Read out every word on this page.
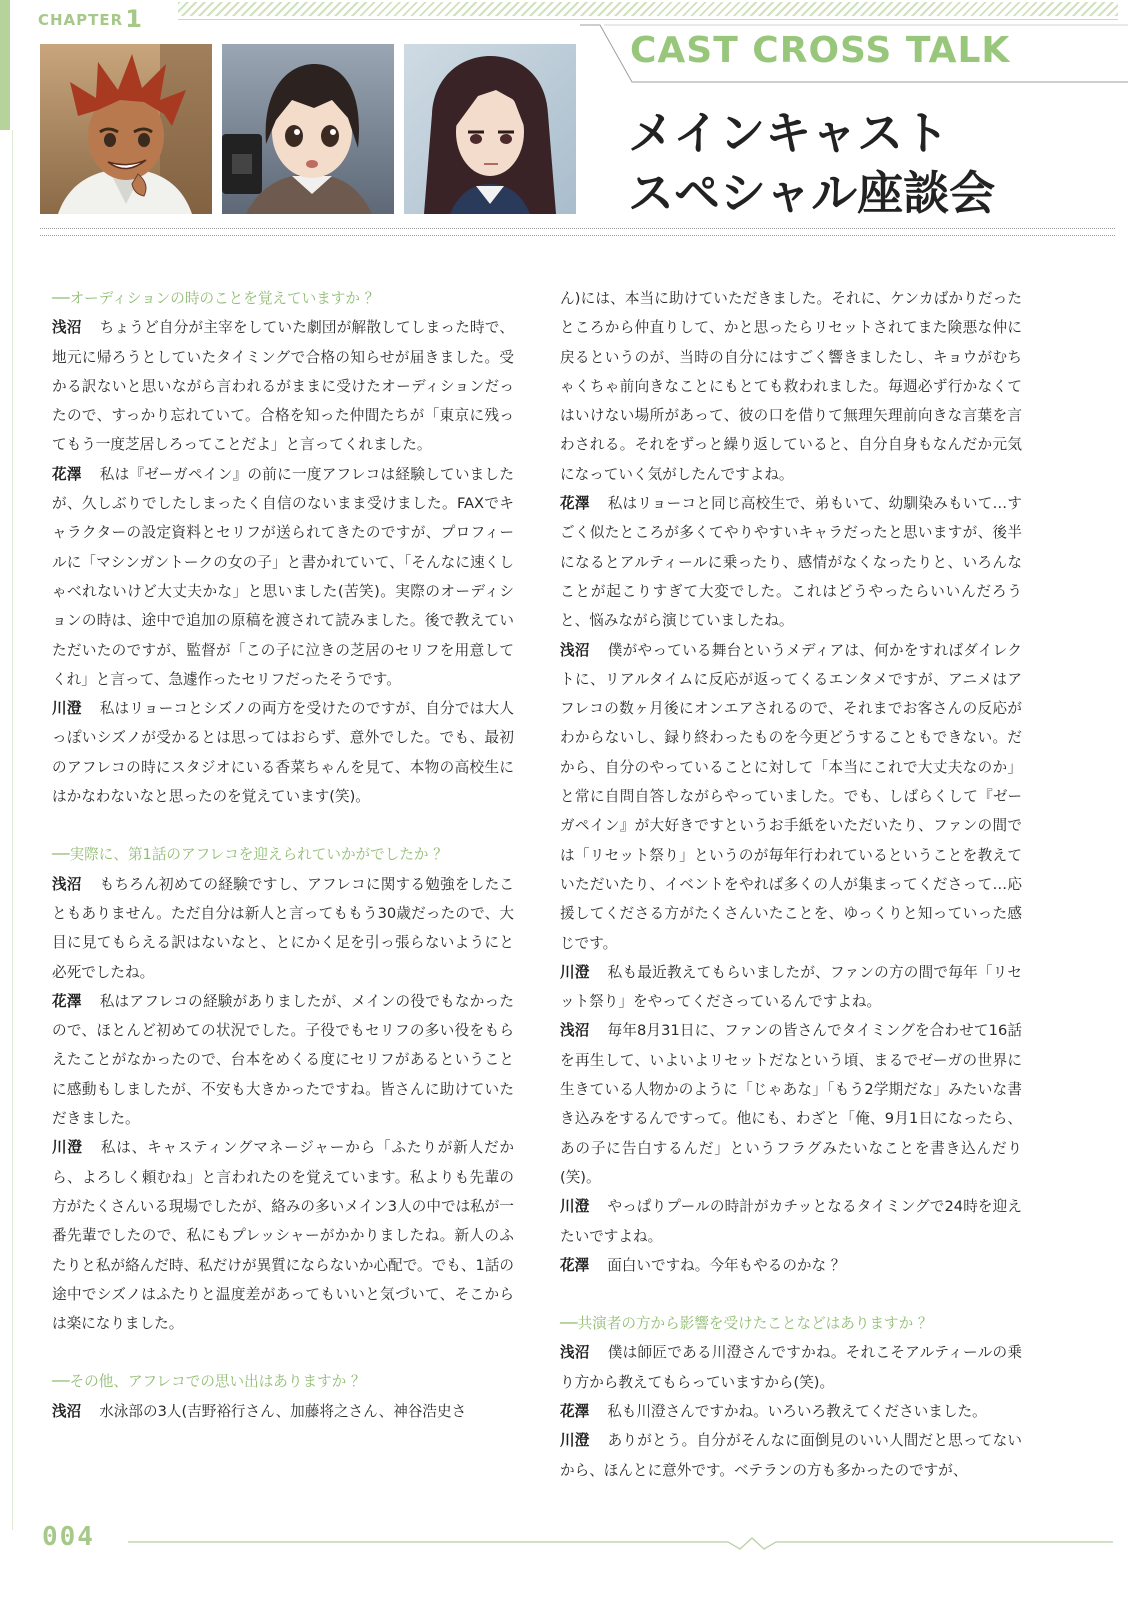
CHAPTER1
CAST CROSS TALK
メインキャスト
スペシャル座談会

──オーディションの時のことを覚えていますか ？

浅沼 ちょうど自分が主宰をしていた劇団が解散してしまった時で、地元に帰ろうとしていたタイミングで合格の知らせが届きました。受かる訳ないと思いながら言われるがままに受けたオーディションだったので、すっかり忘れていて。合格を知った仲間たちが「東京に残ってもう一度芝居しろってことだよ」と言ってくれました。

花澤 私は『ゼーガペイン』の前に一度アフレコは経験していましたが、久しぶりでしたしまったく自信のないまま受けました。FAXでキャラクターの設定資料とセリフが送られてきたのですが、プロフィールに「マシンガントークの女の子」と書かれていて、「そんなに速くしゃべれないけど大丈夫かな」と思いました(苦笑)。実際のオーディションの時は、途中で追加の原稿を渡されて読みました。後で教えていただいたのですが、監督が「この子に泣きの芝居のセリフを用意してくれ」と言って、急遽作ったセリフだったそうです。

川澄 私はリョーコとシズノの両方を受けたのですが、自分では大人っぽいシズノが受かるとは思ってはおらず、意外でした。でも、最初のアフレコの時にスタジオにいる香菜ちゃんを見て、本物の高校生にはかなわないなと思ったのを覚えています(笑)。

──実際に、第1話のアフレコを迎えられていかがでしたか ？

浅沼 もちろん初めての経験ですし、アフレコに関する勉強をしたこともありません。ただ自分は新人と言ってももう30歳だったので、大目に見てもらえる訳はないなと、とにかく足を引っ張らないようにと必死でしたね。

花澤 私はアフレコの経験がありましたが、メインの役でもなかったので、ほとんど初めての状況でした。子役でもセリフの多い役をもらえたことがなかったので、台本をめくる度にセリフがあるということに感動もしましたが、不安も大きかったですね。皆さんに助けていただきました。

川澄 私は、キャスティングマネージャーから「ふたりが新人だから、よろしく頼むね」と言われたのを覚えています。私よりも先輩の方がたくさんいる現場でしたが、絡みの多いメイン3人の中では私が一番先輩でしたので、私にもプレッシャーがかかりましたね。新人のふたりと私が絡んだ時、私だけが異質にならないか心配で。でも、1話の途中でシズノはふたりと温度差があってもいいと気づいて、そこからは楽になりました。

──その他、アフレコでの思い出はありますか ？

浅沼 水泳部の3人(吉野裕行さん、加藤将之さん、神谷浩史さ

ん)には、本当に助けていただきました。それに、ケンカばかりだったところから仲直りして、かと思ったらリセットされてまた険悪な仲に戻るというのが、当時の自分にはすごく響きましたし、キョウがむちゃくちゃ前向きなことにもとても救われました。毎週必ず行かなくてはいけない場所があって、彼の口を借りて無理矢理前向きな言葉を言わされる。それをずっと繰り返していると、自分自身もなんだか元気になっていく気がしたんですよね。

花澤 私はリョーコと同じ高校生で、弟もいて、幼馴染みもいて…すごく似たところが多くてやりやすいキャラだったと思いますが、後半になるとアルティールに乗ったり、感情がなくなったりと、いろんなことが起こりすぎて大変でした。これはどうやったらいいんだろうと、悩みながら演じていましたね。

浅沼 僕がやっている舞台というメディアは、何かをすればダイレクトに、リアルタイムに反応が返ってくるエンタメですが、アニメはアフレコの数ヶ月後にオンエアされるので、それまでお客さんの反応がわからないし、録り終わったものを今更どうすることもできない。だから、自分のやっていることに対して「本当にこれで大丈夫なのか」と常に自問自答しながらやっていました。でも、しばらくして『ゼーガペイン』が大好きですというお手紙をいただいたり、ファンの間では「リセット祭り」というのが毎年行われているということを教えていただいたり、イベントをやれば多くの人が集まってくださって…応援してくださる方がたくさんいたことを、ゆっくりと知っていった感じです。

川澄 私も最近教えてもらいましたが、ファンの方の間で毎年「リセット祭り」をやってくださっているんですよね。

浅沼 毎年8月31日に、ファンの皆さんでタイミングを合わせて16話を再生して、いよいよリセットだなという頃、まるでゼーガの世界に生きている人物かのように「じゃあな」「もう2学期だな」みたいな書き込みをするんですって。他にも、わざと「俺、9月1日になったら、あの子に告白するんだ」というフラグみたいなことを書き込んだり(笑)。

川澄 やっぱりプールの時計がカチッとなるタイミングで24時を迎えたいですよね。

花澤 面白いですね。今年もやるのかな ？

──共演者の方から影響を受けたことなどはありますか ？

浅沼 僕は師匠である川澄さんですかね。それこそアルティールの乗り方から教えてもらっていますから(笑)。

花澤 私も川澄さんですかね。いろいろ教えてくださいました。

川澄 ありがとう。自分がそんなに面倒見のいい人間だと思ってないから、ほんとに意外です。ベテランの方も多かったのですが、

004
